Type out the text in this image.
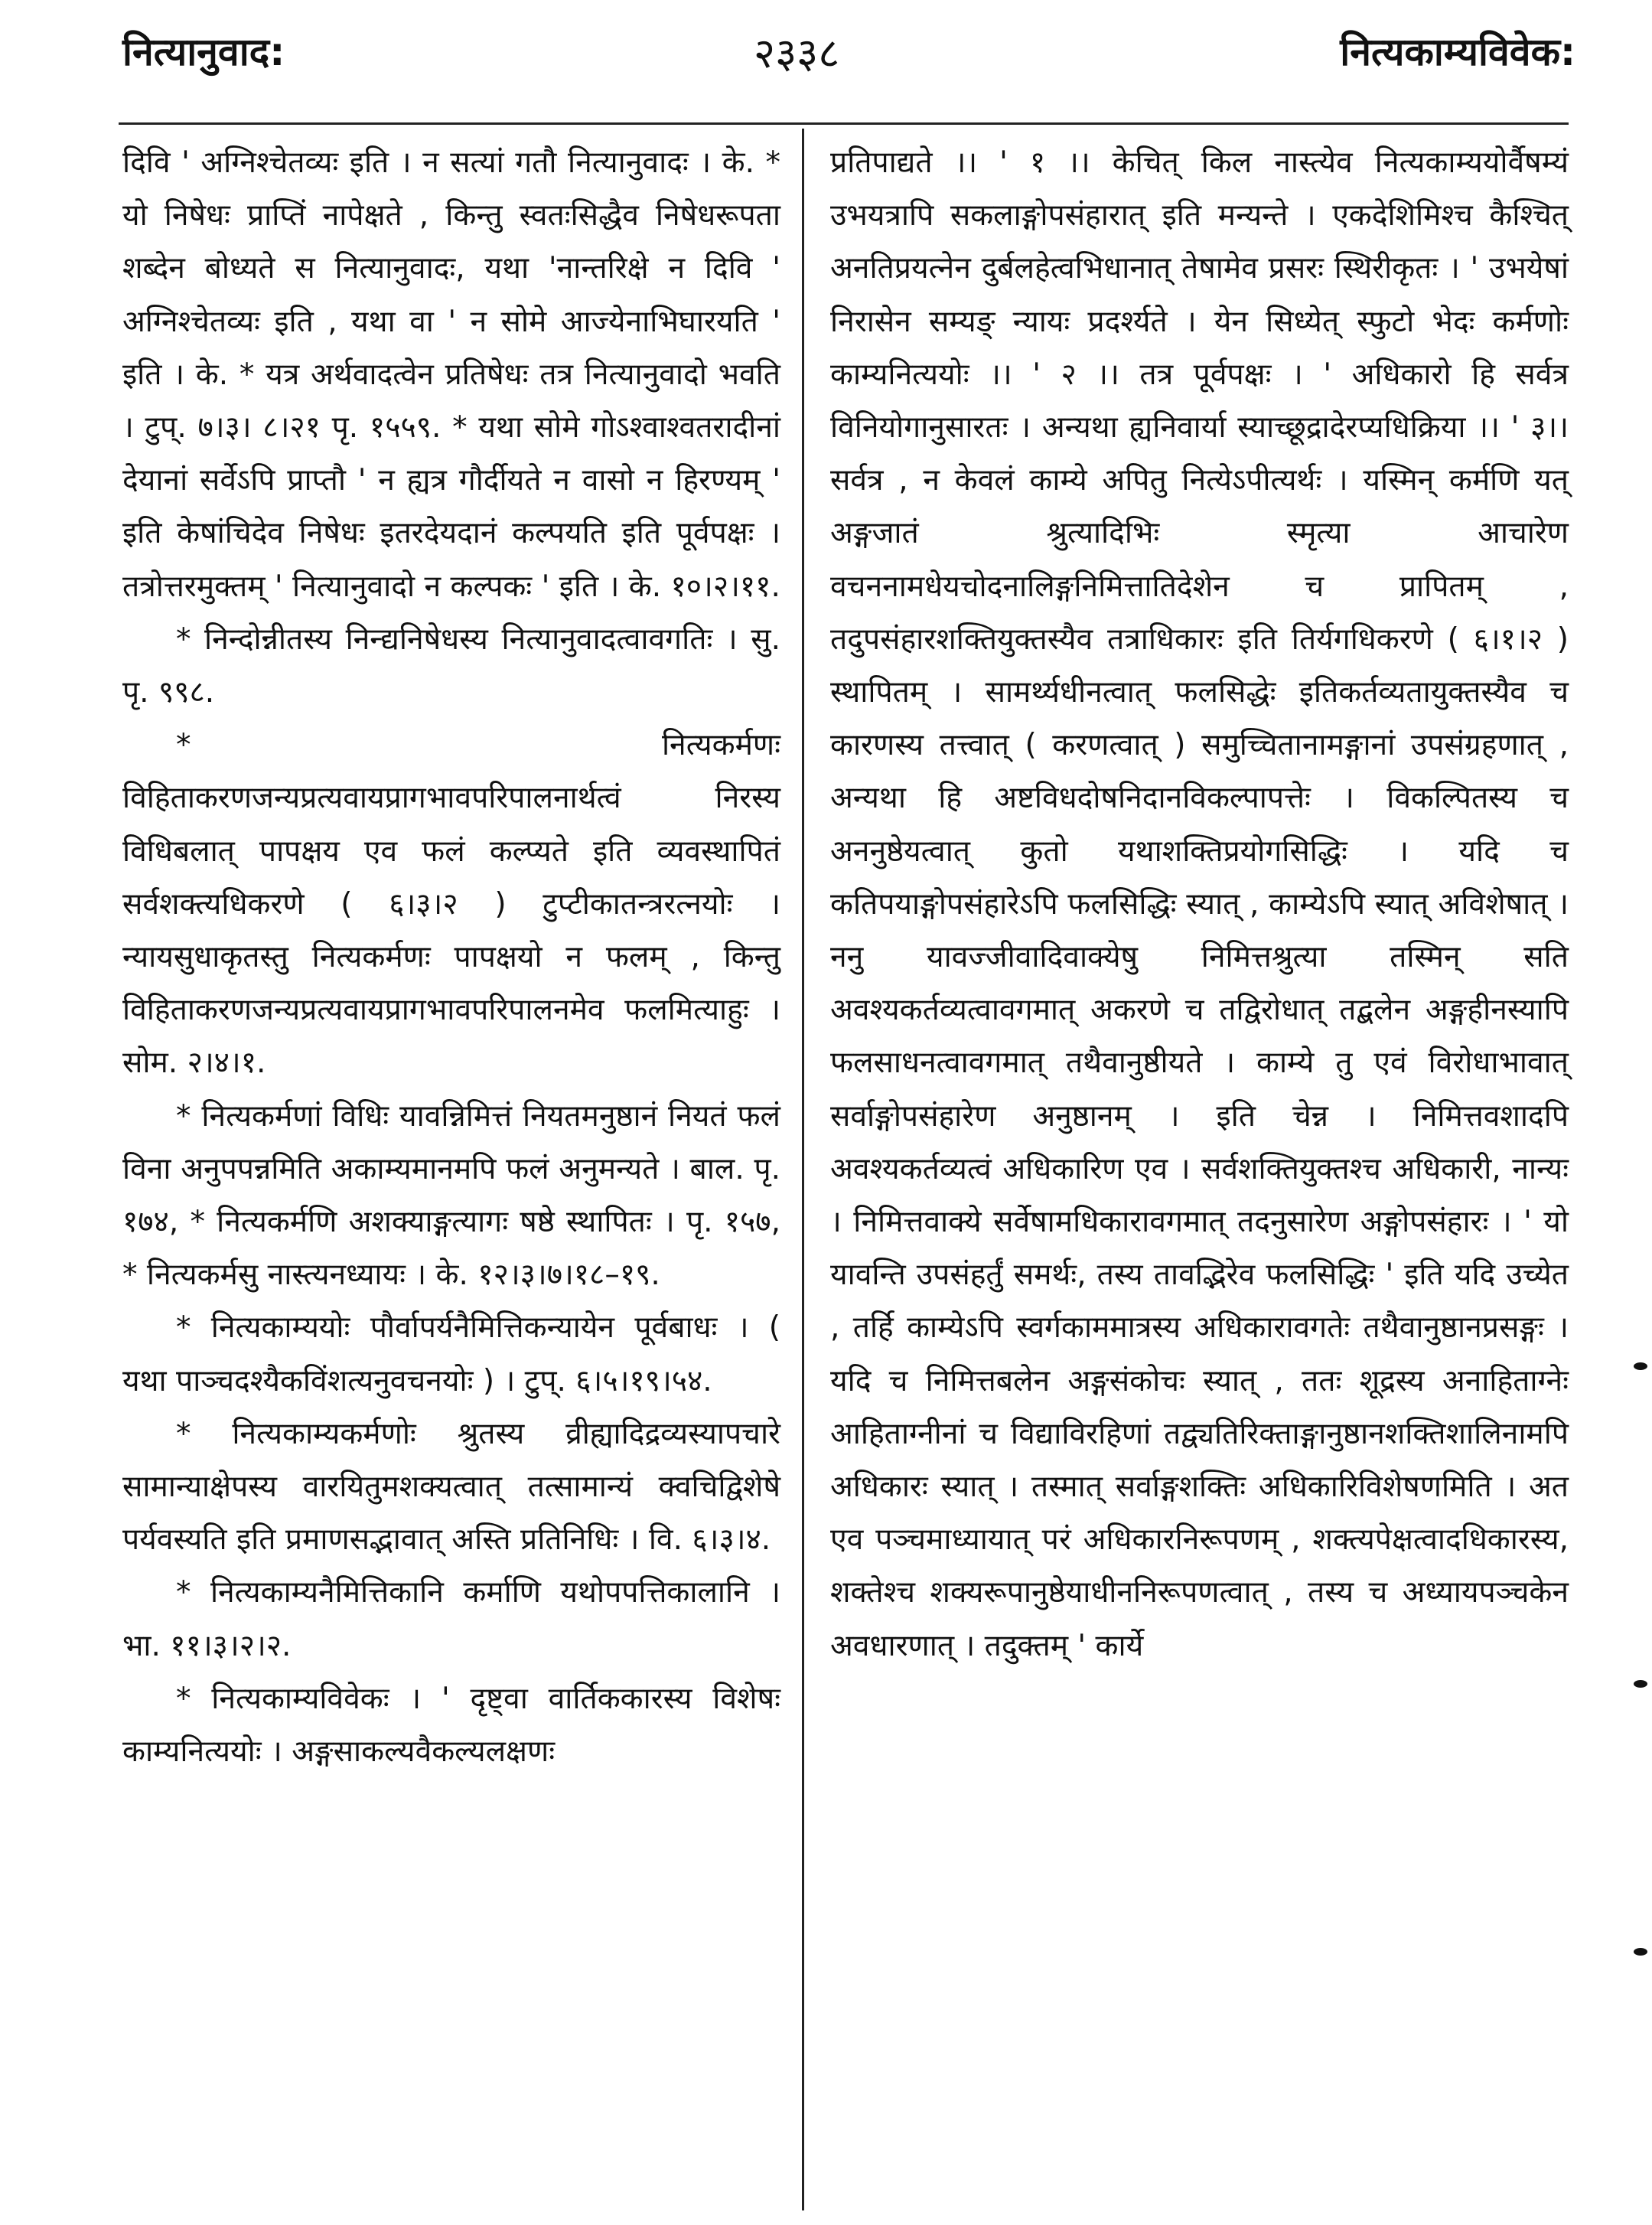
नित्यानुवाद:	२३३८	नित्यकाम्यविवेक:

दिवि ' अग्निश्चेतव्यः इति । न सत्यां गतौ नित्यानुवादः । के. * यो निषेधः प्राप्तिं नापेक्षते , किन्तु स्वतःसिद्धैव निषेधरूपता शब्देन बोध्यते स नित्यानुवादः, यथा 'नान्तरिक्षे न दिवि ' अग्निश्चेतव्यः इति , यथा वा ' न सोमे आज्येनाभिघारयति ' इति । के. * यत्र अर्थवादत्वेन प्रतिषेधः तत्र नित्यानुवादो भवति । टुप्. ७।३। ८।२१ पृ. १५५९. * यथा सोमे गोऽश्वाश्वतरादीनां देयानां सर्वेऽपि प्राप्तौ ' न ह्यत्र गौर्दीयते न वासो न हिरण्यम् ' इति केषांचिदेव निषेधः इतरदेयदानं कल्पयति इति पूर्वपक्षः । तत्रोत्तरमुक्तम् ' नित्यानुवादो न कल्पकः ' इति । के. १०।२।११.

* निन्दोन्नीतस्य निन्द्यनिषेधस्य नित्यानुवादत्वावगतिः । सु. पृ. ९९८.

* नित्यकर्मणः विहिताकरणजन्यप्रत्यवायप्रागभावपरिपालनार्थत्वं निरस्य विधिबलात् पापक्षय एव फलं कल्प्यते इति व्यवस्थापितं सर्वशक्त्यधिकरणे ( ६।३।२ ) टुप्टीकातन्त्ररत्नयोः । न्यायसुधाकृतस्तु नित्यकर्मणः पापक्षयो न फलम् , किन्तु विहिताकरणजन्यप्रत्यवायप्रागभावपरिपालनमेव फलमित्याहुः । सोम. २।४।१.

* नित्यकर्मणां विधिः यावन्निमित्तं नियतमनुष्ठानं नियतं फलं विना अनुपपन्नमिति अकाम्यमानमपि फलं अनुमन्यते । बाल. पृ. १७४, * नित्यकर्मणि अशक्याङ्गत्यागः षष्ठे स्थापितः । पृ. १५७, * नित्यकर्मसु नास्त्यनध्यायः । के. १२।३।७।१८–१९.

* नित्यकाम्ययोः पौर्वापर्यनैमित्तिकन्यायेन पूर्वबाधः । ( यथा पाञ्चदश्यैकविंशत्यनुवचनयोः ) । टुप्. ६।५।१९।५४.

* नित्यकाम्यकर्मणोः श्रुतस्य व्रीह्यादिद्रव्यस्यापचारे सामान्याक्षेपस्य वारयितुमशक्यत्वात् तत्सामान्यं क्वचिद्विशेषे पर्यवस्यति इति प्रमाणसद्भावात् अस्ति प्रतिनिधिः । वि. ६।३।४.

* नित्यकाम्यनैमित्तिकानि कर्माणि यथोपपत्तिकालानि । भा. ११।३।२।२.

* नित्यकाम्यविवेकः । ' दृष्ट्वा वार्तिककारस्य विशेषः काम्यनित्ययोः । अङ्गसाकल्यवैकल्यलक्षणः

प्रतिपाद्यते ।। ' १ ।। केचित् किल नास्त्येव नित्यकाम्ययोर्वैषम्यं उभयत्रापि सकलाङ्गोपसंहारात् इति मन्यन्ते । एकदेशिमिश्च कैश्चित् अनतिप्रयत्नेन दुर्बलहेत्वभिधानात् तेषामेव प्रसरः स्थिरीकृतः । ' उभयेषां निरासेन सम्यङ् न्यायः प्रदर्श्यते । येन सिध्येत् स्फुटो भेदः कर्मणोः काम्यनित्ययोः ।। ' २ ।। तत्र पूर्वपक्षः । ' अधिकारो हि सर्वत्र विनियोगानुसारतः । अन्यथा ह्यनिवार्या स्याच्छूद्रादेरप्यधिक्रिया ।। ' ३।। सर्वत्र , न केवलं काम्ये अपितु नित्येऽपीत्यर्थः । यस्मिन् कर्मणि यत् अङ्गजातं श्रुत्यादिभिः स्मृत्या आचारेण वचननामधेयचोदनालिङ्गनिमित्तातिदेशेन च प्रापितम् , तदुपसंहारशक्तियुक्तस्यैव तत्राधिकारः इति तिर्यगधिकरणे ( ६।१।२ ) स्थापितम् । सामर्थ्यधीनत्वात् फलसिद्धेः इतिकर्तव्यतायुक्तस्यैव च कारणस्य तत्त्वात् ( करणत्वात् ) समुच्चितानामङ्गानां उपसंग्रहणात् , अन्यथा हि अष्टविधदोषनिदानविकल्पापत्तेः । विकल्पितस्य च अननुष्ठेयत्वात् कुतो यथाशक्तिप्रयोगसिद्धिः । यदि च कतिपयाङ्गोपसंहारेऽपि फलसिद्धिः स्यात् , काम्येऽपि स्यात् अविशेषात् । ननु यावज्जीवादिवाक्येषु निमित्तश्रुत्या तस्मिन् सति अवश्यकर्तव्यत्वावगमात् अकरणे च तद्विरोधात् तद्बलेन अङ्गहीनस्यापि फलसाधनत्वावगमात् तथैवानुष्ठीयते । काम्ये तु एवं विरोधाभावात् सर्वाङ्गोपसंहारेण अनुष्ठानम् । इति चेन्न । निमित्तवशादपि अवश्यकर्तव्यत्वं अधिकारिण एव । सर्वशक्तियुक्तश्च अधिकारी, नान्यः । निमित्तवाक्ये सर्वेषामधिकारावगमात् तदनुसारेण अङ्गोपसंहारः । ' यो यावन्ति उपसंहर्तुं समर्थः, तस्य तावद्भिरेव फलसिद्धिः ' इति यदि उच्येत , तर्हि काम्येऽपि स्वर्गकाममात्रस्य अधिकारावगतेः तथैवानुष्ठानप्रसङ्गः । यदि च निमित्तबलेन अङ्गसंकोचः स्यात् , ततः शूद्रस्य अनाहिताग्नेः आहिताग्नीनां च विद्याविरहिणां तद्व्यतिरिक्ताङ्गानुष्ठानशक्तिशालिनामपि अधिकारः स्यात् । तस्मात् सर्वाङ्गशक्तिः अधिकारिविशेषणमिति । अत एव पञ्चमाध्यायात् परं अधिकारनिरूपणम् , शक्त्यपेक्षत्वादधिकारस्य, शक्तेश्च शक्यरूपानुष्ठेयाधीननिरूपणत्वात् , तस्य च अध्यायपञ्चकेन अवधारणात् । तदुक्तम् ' कार्ये
